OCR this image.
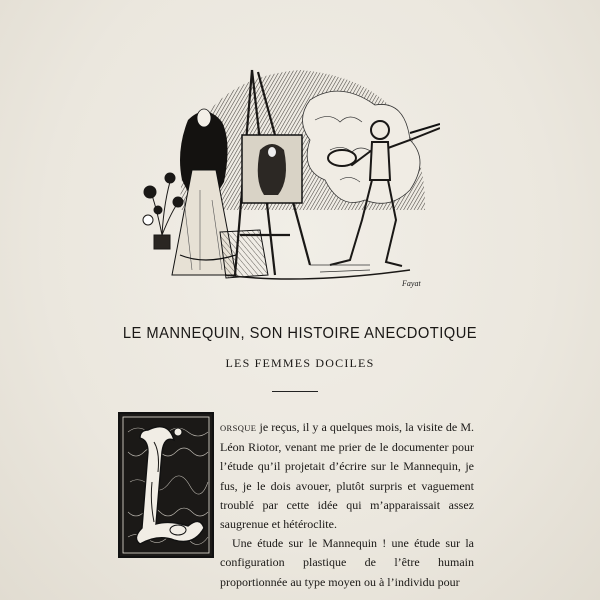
Fayat
LE MANNEQUIN, SON HISTOIRE ANECDOTIQUE
LES FEMMES DOCILES

ORSQUE je reçus, il y a quelques mois, la visite de M. Léon Riotor, venant me prier de le documenter pour l’étude qu’il projetait d’écrire sur le Mannequin, je fus, je le dois avouer, plutôt surpris et vaguement troublé par cette idée qui m’apparaissait assez saugrenue et hétéroclite.

Une étude sur le Mannequin ! une étude sur la configuration plastique de l’être humain proportionnée au type moyen ou à l’individu pour
